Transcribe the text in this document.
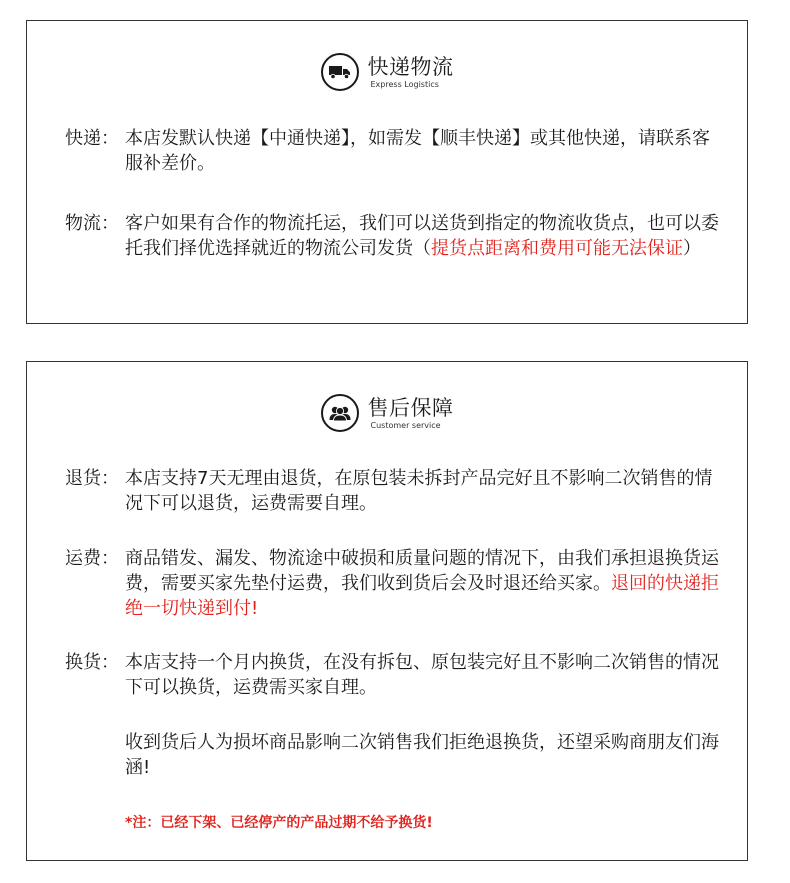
快递物流
Express Logistics
快递： 本店发默认快递【中通快递】，如需发【顺丰快递】或其他快递，请联系客服补差价。
物流： 客户如果有合作的物流托运，我们可以送货到指定的物流收货点，也可以委托我们择优选择就近的物流公司发货（提货点距离和费用可能无法保证）
售后保障
Customer service
退货： 本店支持7天无理由退货，在原包装未拆封产品完好且不影响二次销售的情况下可以退货，运费需要自理。
运费： 商品错发、漏发、物流途中破损和质量问题的情况下，由我们承担退换货运费，需要买家先垫付运费，我们收到货后会及时退还给买家。退回的快递拒绝一切快递到付!
换货： 本店支持一个月内换货，在没有拆包、原包装完好且不影响二次销售的情况下可以换货，运费需买家自理。
收到货后人为损坏商品影响二次销售我们拒绝退换货，还望采购商朋友们海涵!
*注：已经下架、已经停产的产品过期不给予换货!
